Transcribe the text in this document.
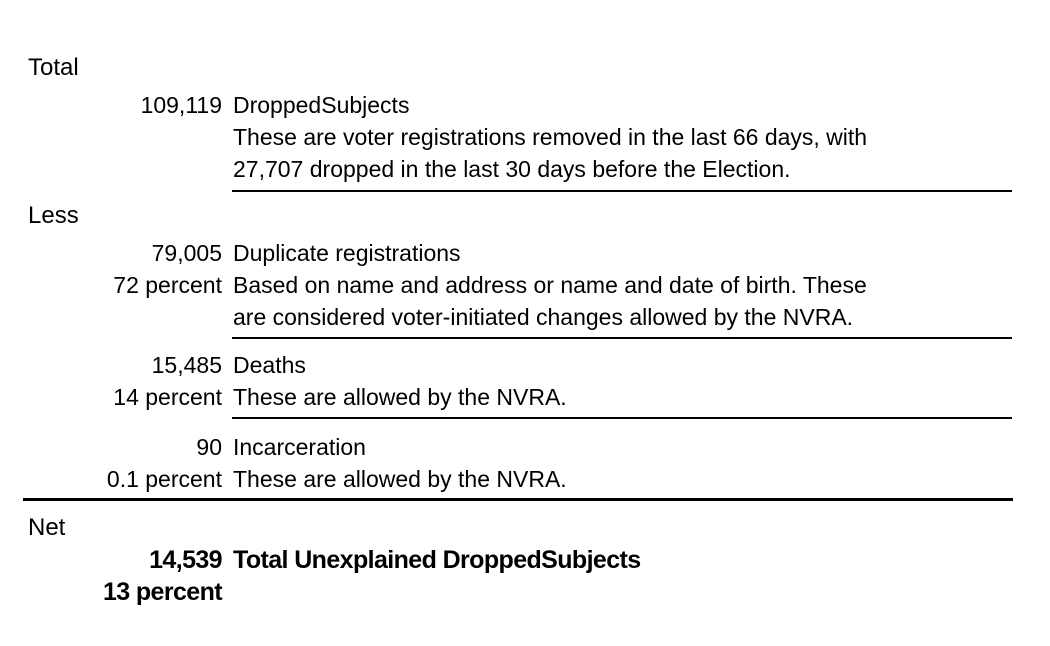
Total
109,119 DroppedSubjects
These are voter registrations removed in the last 66 days, with
27,707 dropped in the last 30 days before the Election.
Less
79,005 Duplicate registrations
72 percent Based on name and address or name and date of birth. These
are considered voter-initiated changes allowed by the NVRA.
15,485 Deaths
14 percent These are allowed by the NVRA.
90 Incarceration
0.1 percent These are allowed by the NVRA.
Net
14,539 Total Unexplained DroppedSubjects
13 percent
